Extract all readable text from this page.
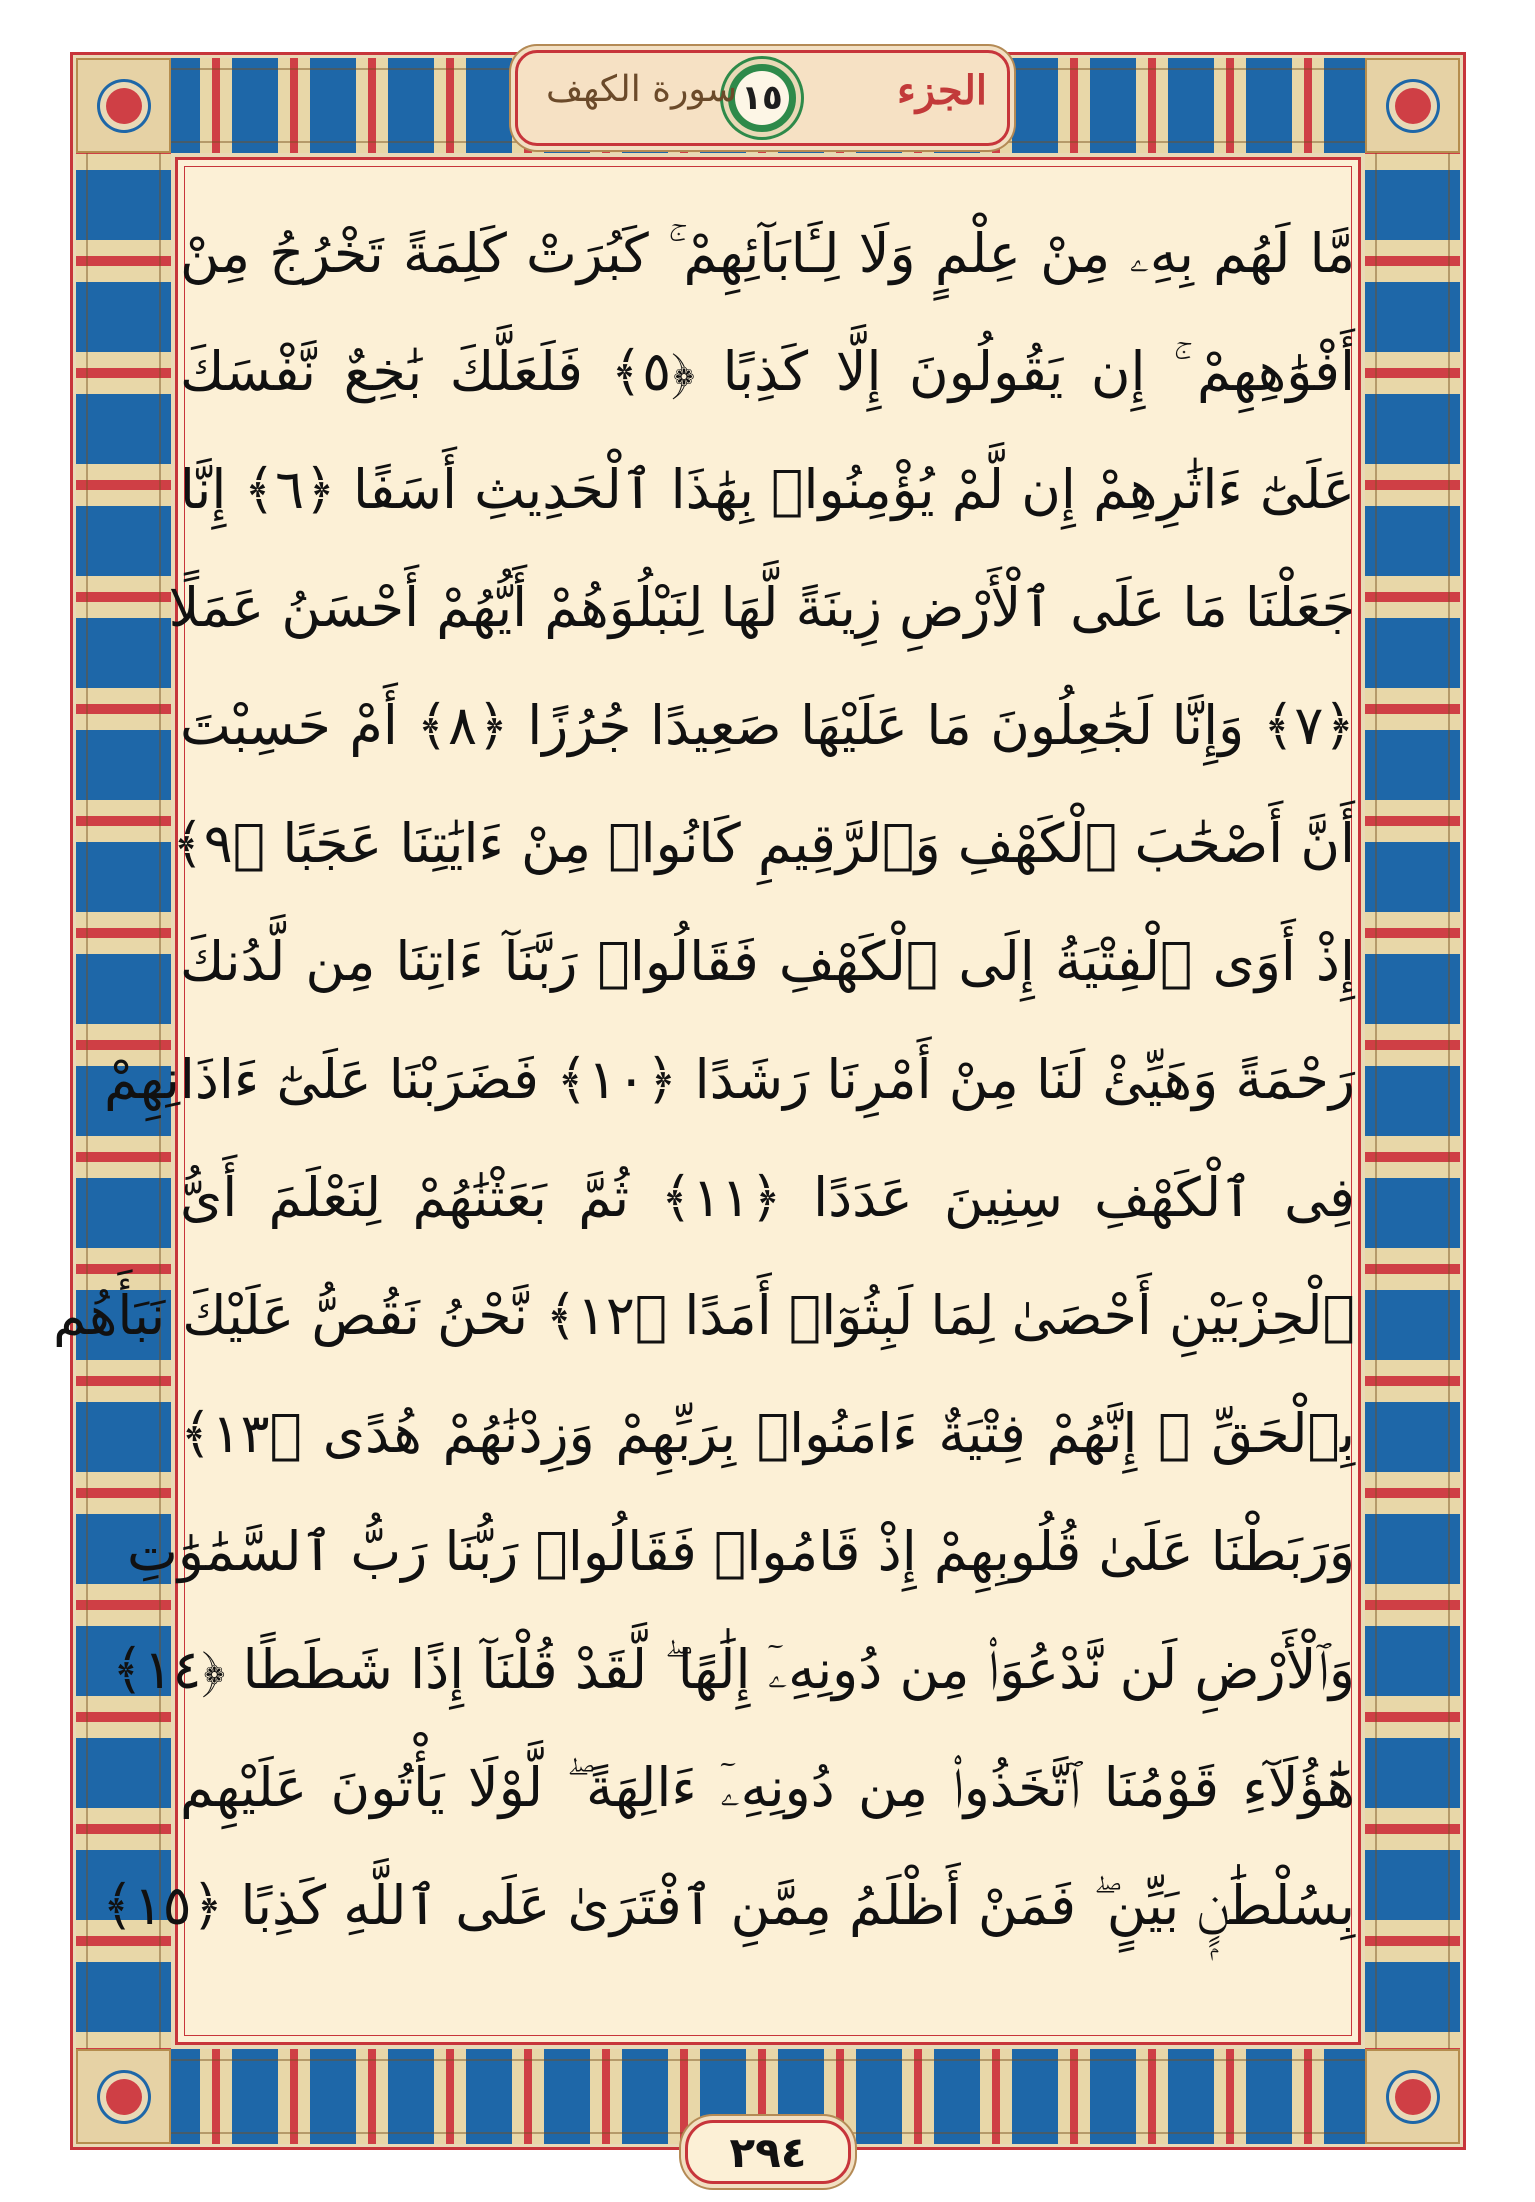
الجزء
١٥
سورة الكهف
مَّا لَهُم بِهِۦ مِنْ عِلْمٍ وَلَا لِـَٔابَآئِهِمْ ۚ كَبُرَتْ كَلِمَةً تَخْرُجُ مِنْ
أَفْوَٰهِهِمْ ۚ إِن يَقُولُونَ إِلَّا كَذِبًا ﴿٥﴾ فَلَعَلَّكَ بَٰخِعٌ نَّفْسَكَ
عَلَىٰٓ ءَاثَٰرِهِمْ إِن لَّمْ يُؤْمِنُوا۟ بِهَٰذَا ٱلْحَدِيثِ أَسَفًا ﴿٦﴾ إِنَّا
جَعَلْنَا مَا عَلَى ٱلْأَرْضِ زِينَةً لَّهَا لِنَبْلُوَهُمْ أَيُّهُمْ أَحْسَنُ عَمَلًا
﴿٧﴾ وَإِنَّا لَجَٰعِلُونَ مَا عَلَيْهَا صَعِيدًا جُرُزًا ﴿٨﴾ أَمْ حَسِبْتَ
أَنَّ أَصْحَٰبَ ٱلْكَهْفِ وَٱلرَّقِيمِ كَانُوا۟ مِنْ ءَايَٰتِنَا عَجَبًا ﴿٩﴾
إِذْ أَوَى ٱلْفِتْيَةُ إِلَى ٱلْكَهْفِ فَقَالُوا۟ رَبَّنَآ ءَاتِنَا مِن لَّدُنكَ
رَحْمَةً وَهَيِّئْ لَنَا مِنْ أَمْرِنَا رَشَدًا ﴿١٠﴾ فَضَرَبْنَا عَلَىٰٓ ءَاذَانِهِمْ
فِى ٱلْكَهْفِ سِنِينَ عَدَدًا ﴿١١﴾ ثُمَّ بَعَثْنَٰهُمْ لِنَعْلَمَ أَىُّ
ٱلْحِزْبَيْنِ أَحْصَىٰ لِمَا لَبِثُوٓا۟ أَمَدًا ﴿١٢﴾ نَّحْنُ نَقُصُّ عَلَيْكَ نَبَأَهُم
بِٱلْحَقِّ ۚ إِنَّهُمْ فِتْيَةٌ ءَامَنُوا۟ بِرَبِّهِمْ وَزِدْنَٰهُمْ هُدًى ﴿١٣﴾
وَرَبَطْنَا عَلَىٰ قُلُوبِهِمْ إِذْ قَامُوا۟ فَقَالُوا۟ رَبُّنَا رَبُّ ٱلسَّمَٰوَٰتِ
وَٱلْأَرْضِ لَن نَّدْعُوَا۟ مِن دُونِهِۦٓ إِلَٰهًا ۖ لَّقَدْ قُلْنَآ إِذًا شَطَطًا ﴿١٤﴾
هَٰٓؤُلَآءِ قَوْمُنَا ٱتَّخَذُوا۟ مِن دُونِهِۦٓ ءَالِهَةً ۖ لَّوْلَا يَأْتُونَ عَلَيْهِم
بِسُلْطَٰنٍۭ بَيِّنٍ ۖ فَمَنْ أَظْلَمُ مِمَّنِ ٱفْتَرَىٰ عَلَى ٱللَّهِ كَذِبًا ﴿١٥﴾
٢٩٤
